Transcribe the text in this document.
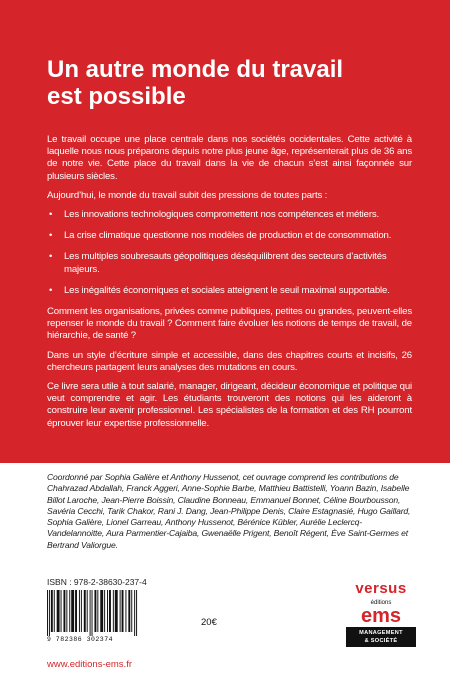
Un autre monde du travail
est possible

Le travail occupe une place centrale dans nos sociétés occidentales. Cette activité à laquelle nous nous préparons depuis notre plus jeune âge, représenterait plus de 36 ans de notre vie. Cette place du travail dans la vie de chacun s’est ainsi façonnée sur plusieurs siècles.

Aujourd’hui, le monde du travail subit des pressions de toutes parts :

• Les innovations technologiques compromettent nos compétences et métiers.
• La crise climatique questionne nos modèles de production et de consommation.
• Les multiples soubresauts géopolitiques déséquilibrent des secteurs d’activités majeurs.
• Les inégalités économiques et sociales atteignent le seuil maximal supportable.

Comment les organisations, privées comme publiques, petites ou grandes, peuvent-elles repenser le monde du travail ? Comment faire évoluer les notions de temps de travail, de hiérarchie, de santé ?

Dans un style d’écriture simple et accessible, dans des chapitres courts et incisifs, 26 chercheurs partagent leurs analyses des mutations en cours.

Ce livre sera utile à tout salarié, manager, dirigeant, décideur économique et politique qui veut comprendre et agir. Les étudiants trouveront des notions qui les aideront à construire leur avenir professionnel. Les spécialistes de la formation et des RH pourront éprouver leur expertise professionnelle.

Coordonné par Sophia Galière et Anthony Hussenot, cet ouvrage comprend les contributions de Chahrazad Abdallah, Franck Aggeri, Anne-Sophie Barbe, Matthieu Battistelli, Yoann Bazin, Isabelle Billot Laroche, Jean-Pierre Boissin, Claudine Bonneau, Emmanuel Bonnet, Céline Bourbousson, Savéria Cecchi, Tarik Chakor, Rani J. Dang, Jean-Philippe Denis, Claire Estagnasié, Hugo Gaillard, Sophia Galière, Lionel Garreau, Anthony Hussenot, Bérénice Kübler, Aurélie Leclercq-Vandelannoitte, Aura Parmentier-Cajaiba, Gwenaëlle Prigent, Benoît Régent, Ève Saint-Germes et Bertrand Valiorgue.

ISBN : 978-2-38630-237-4
9 782386 302374
20€
www.editions-ems.fr
versus
éditions
ems
MANAGEMENT
& SOCIÉTÉ
